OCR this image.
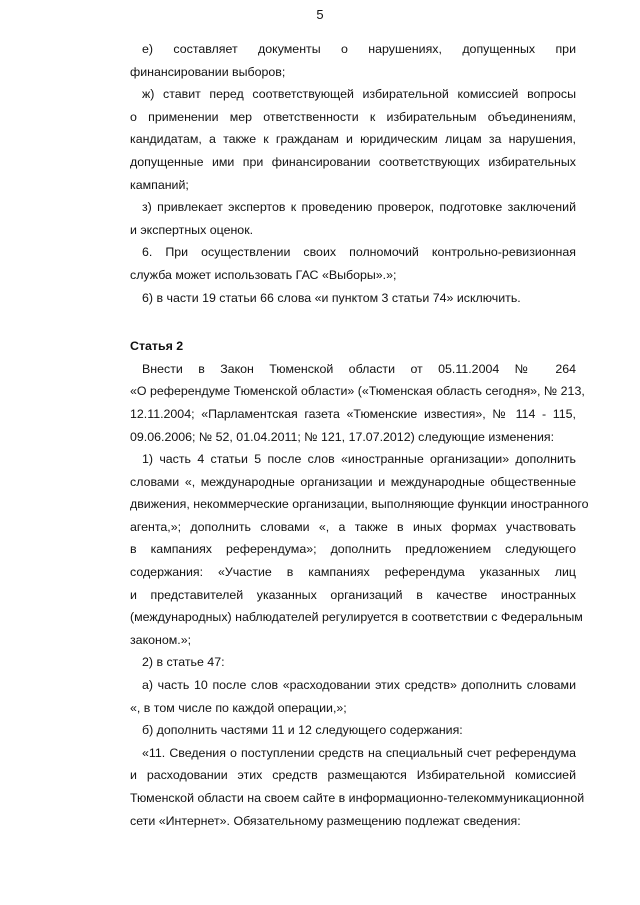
5
е) составляет документы о нарушениях, допущенных при
финансировании выборов;
ж) ставит перед соответствующей избирательной комиссией вопросы
о применении мер ответственности к избирательным объединениям,
кандидатам, а также к гражданам и юридическим лицам за нарушения,
допущенные ими при финансировании соответствующих избирательных
кампаний;
з) привлекает экспертов к проведению проверок, подготовке заключений
и экспертных оценок.
6. При осуществлении своих полномочий контрольно-ревизионная
служба может использовать ГАС «Выборы».»;
6) в части 19 статьи 66 слова «и пунктом 3 статьи 74» исключить.

Статья 2

Внести в Закон Тюменской области от 05.11.2004 № 264
«О референдуме Тюменской области» («Тюменская область сегодня», № 213,
12.11.2004; «Парламентская газета «Тюменские известия», № 114 - 115,
09.06.2006; № 52, 01.04.2011; № 121, 17.07.2012) следующие изменения:
1) часть 4 статьи 5 после слов «иностранные организации» дополнить
словами «, международные организации и международные общественные
движения, некоммерческие организации, выполняющие функции иностранного
агента,»; дополнить словами «, а также в иных формах участвовать
в кампаниях референдума»; дополнить предложением следующего
содержания: «Участие в кампаниях референдума указанных лиц
и представителей указанных организаций в качестве иностранных
(международных) наблюдателей регулируется в соответствии с Федеральным
законом.»;
2) в статье 47:
а) часть 10 после слов «расходовании этих средств» дополнить словами
«, в том числе по каждой операции,»;
б) дополнить частями 11 и 12 следующего содержания:
«11. Сведения о поступлении средств на специальный счет референдума
и расходовании этих средств размещаются Избирательной комиссией
Тюменской области на своем сайте в информационно-телекоммуникационной
сети «Интернет». Обязательному размещению подлежат сведения:
